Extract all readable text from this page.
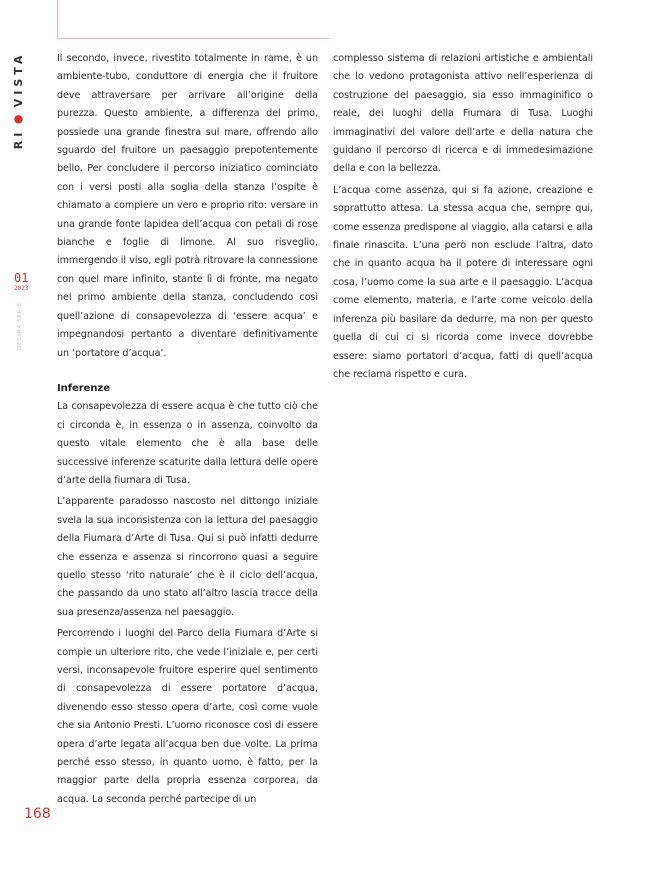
RI
●
VISTA
01
2023
DECIMA SERIE
168

Il secondo, invece, rivestito totalmente in rame, è un ambiente-tubo, conduttore di energia che il fruitore deve attraversare per arrivare all’origine della purezza. Questo ambiente, a differenza del primo, possiede una grande finestra sul mare, offrendo allo sguardo del fruitore un paesaggio prepotentemente bello. Per concludere il percorso iniziatico cominciato con i versi posti alla soglia della stanza l’ospite è chiamato a compiere un vero e proprio rito: versare in una grande fonte lapidea dell’acqua con petali di rose bianche e foglie di limone. Al suo risveglio, immergendo il viso, egli potrà ritrovare la connessione con quel mare infinito, stante lì di fronte, ma negato nel primo ambiente della stanza, concludendo così quell’azione di consapevolezza di ‘essere acqua’ e impegnandosi pertanto a diventare definitivamente un ‘portatore d’acqua’.

Inferenze

La consapevolezza di essere acqua è che tutto ciò che ci circonda è, in essenza o in assenza, coinvolto da questo vitale elemento che è alla base delle successive inferenze scaturite dalla lettura delle opere d’arte della fiumara di Tusa.

L’apparente paradosso nascosto nel dittongo iniziale svela la sua inconsistenza con la lettura del paesaggio della Fiumara d’Arte di Tusa. Qui si può infatti dedurre che essenza e assenza si rincorrono quasi a seguire quello stesso ‘rito naturale’ che è il ciclo dell’acqua, che passando da uno stato all’altro lascia tracce della sua presenza/assenza nel paesaggio.

Percorrendo i luoghi del Parco della Fiumara d’Arte si compie un ulteriore rito, che vede l’iniziale e, per certi versi, inconsapevole fruitore esperire quel sentimento di consapevolezza di essere portatore d’acqua, divenendo esso stesso opera d’arte, così come vuole che sia Antonio Presti. L’uomo riconosce così di essere opera d’arte legata all’acqua ben due volte. La prima perché esso stesso, in quanto uomo, è fatto, per la maggior parte della propria essenza corporea, da acqua. La seconda perché partecipe di un

complesso sistema di relazioni artistiche e ambientali che lo vedono protagonista attivo nell’esperienza di costruzione del paesaggio, sia esso immaginifico o reale, dei luoghi della Fiumara di Tusa. Luoghi immaginativi del valore dell’arte e della natura che guidano il percorso di ricerca e di immedesimazione della e con la bellezza.

L’acqua come assenza, qui si fa azione, creazione e soprattutto attesa. La stessa acqua che, sempre qui, come essenza predispone al viaggio, alla catarsi e alla finale rinascita. L’una però non esclude l’altra, dato che in quanto acqua ha il potere di interessare ogni cosa, l’uomo come la sua arte e il paesaggio. L’acqua come elemento, materia, e l’arte come veicolo della inferenza più basilare da dedurre, ma non per questo quella di cui ci si ricorda come invece dovrebbe essere: siamo portatori d’acqua, fatti di quell’acqua che reclama rispetto e cura.
